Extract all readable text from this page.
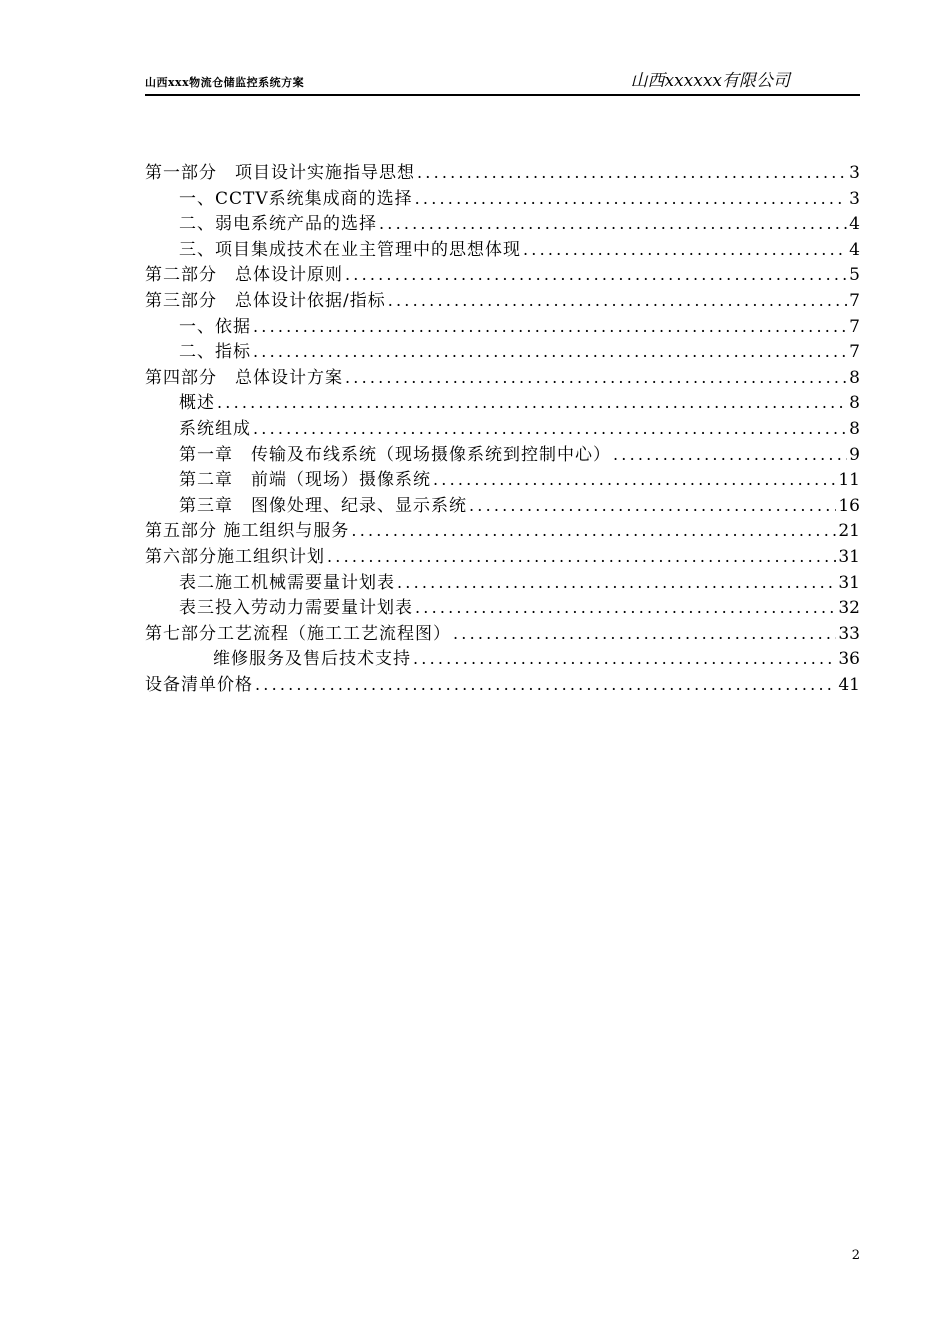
山西xxx物流仓储监控系统方案	山西xxxxxx有限公司
第一部分　项目设计实施指导思想 .....	3
一、CCTV系统集成商的选择 .....	3
二、弱电系统产品的选择 .....	4
三、项目集成技术在业主管理中的思想体现 .....	4
第二部分　总体设计原则 .....	5
第三部分　总体设计依据/指标 .....	7
一、依据 .....	7
二、指标 .....	7
第四部分　总体设计方案 .....	8
概述 .....	8
系统组成 .....	8
第一章　传输及布线系统（现场摄像系统到控制中心） .....	9
第二章　前端（现场）摄像系统 .....	11
第三章　图像处理、纪录、显示系统 .....	16
第五部分 施工组织与服务 .....	21
第六部分施工组织计划 .....	31
表二施工机械需要量计划表 .....	31
表三投入劳动力需要量计划表 .....	32
第七部分工艺流程（施工工艺流程图） .....	33
维修服务及售后技术支持 .....	36
设备清单价格 .....	41
2
